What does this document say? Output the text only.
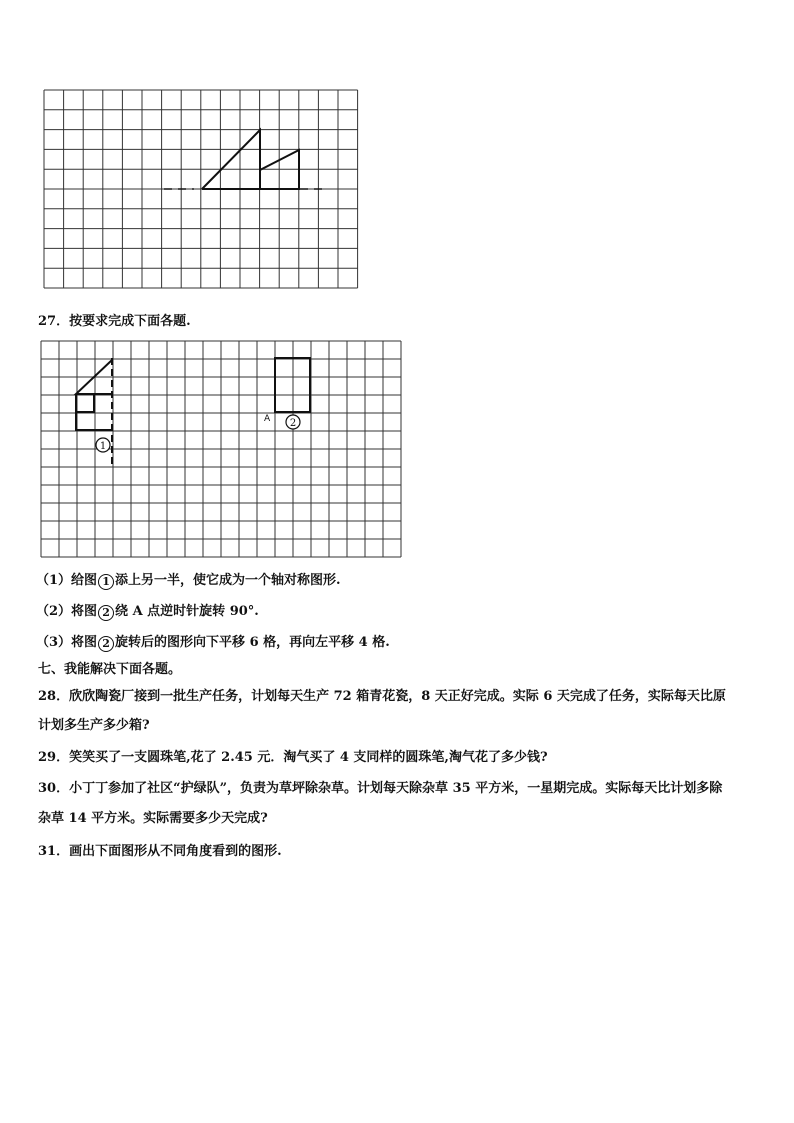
27．按要求完成下面各题.
1
2
A
（1）给图 1 添上另一半，使它成为一个轴对称图形.
（2）将图 2 绕 A 点逆时针旋转 90°.
（3）将图 2 旋转后的图形向下平移 6 格，再向左平移 4 格.
七、我能解决下面各题。
28．欣欣陶瓷厂接到一批生产任务，计划每天生产 72 箱青花瓷，8 天正好完成。实际 6 天完成了任务，实际每天比原
计划多生产多少箱?
29．笑笑买了一支圆珠笔,花了 2.45 元．淘气买了 4 支同样的圆珠笔,淘气花了多少钱?
30．小丁丁参加了社区“护绿队”，负责为草坪除杂草。计划每天除杂草 35 平方米，一星期完成。实际每天比计划多除
杂草 14 平方米。实际需要多少天完成?
31．画出下面图形从不同角度看到的图形.
